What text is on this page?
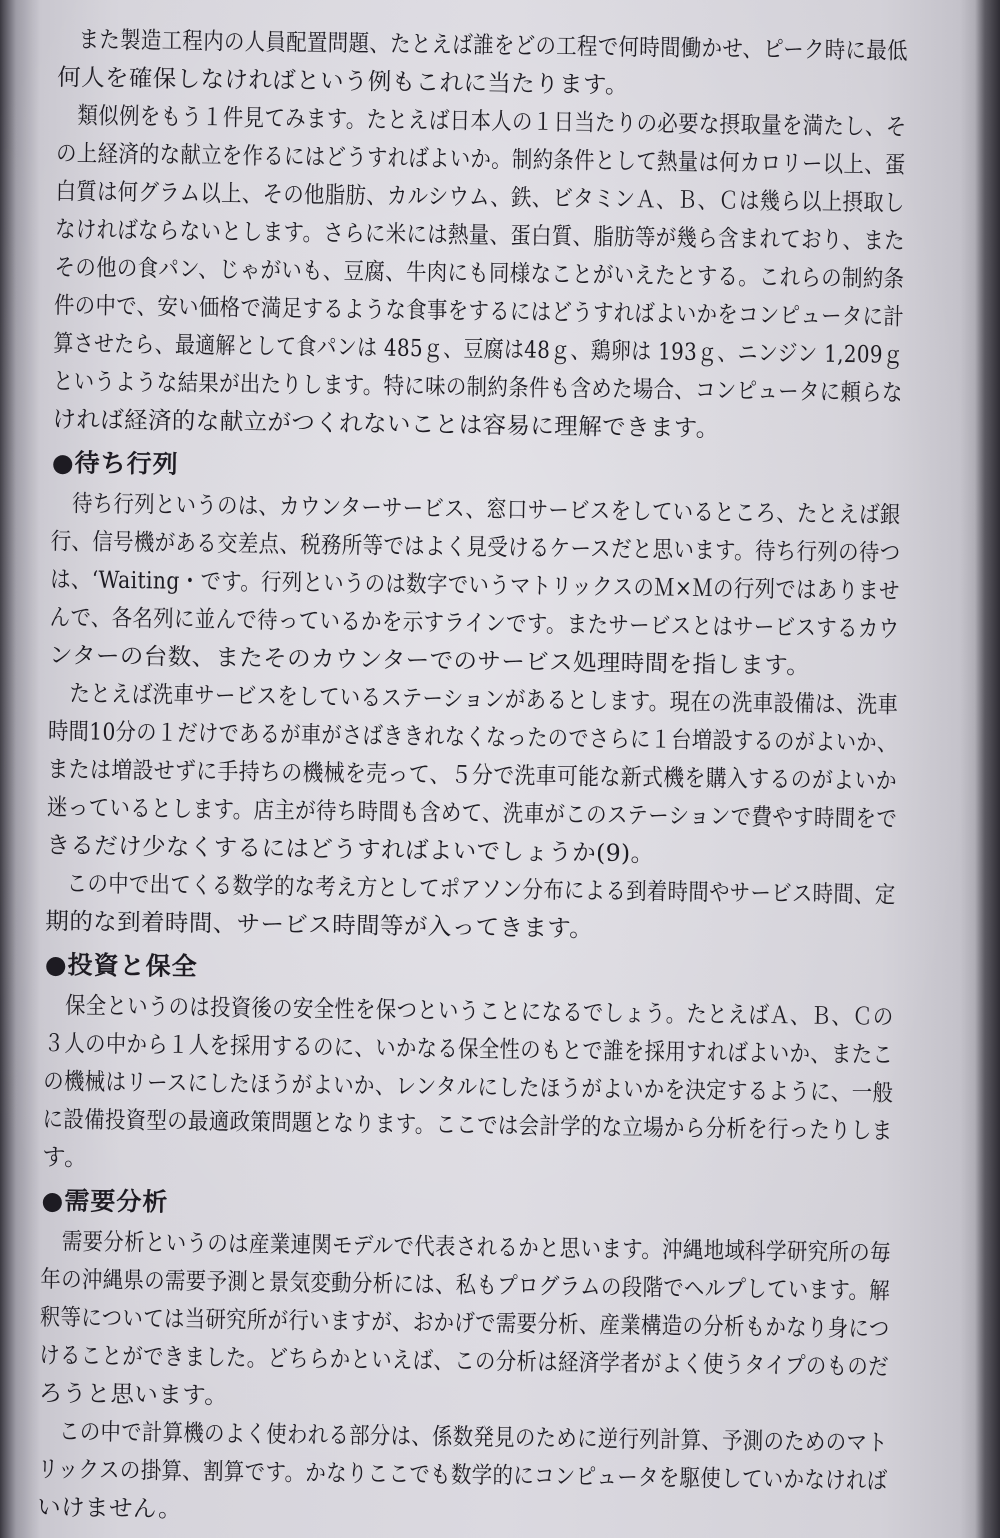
また製造工程内の人員配置問題、たとえば誰をどの工程で何時間働かせ、ピーク時に最低
何人を確保しなければという例もこれに当たります。
類似例をもう１件見てみます。たとえば日本人の１日当たりの必要な摂取量を満たし、そ
の上経済的な献立を作るにはどうすればよいか。制約条件として熱量は何カロリー以上、蛋
白質は何グラム以上、その他脂肪、カルシウム、鉄、ビタミンＡ、Ｂ、Ｃは幾ら以上摂取し
なければならないとします。さらに米には熱量、蛋白質、脂肪等が幾ら含まれており、また
その他の食パン、じゃがいも、豆腐、牛肉にも同様なことがいえたとする。これらの制約条
件の中で、安い価格で満足するような食事をするにはどうすればよいかをコンピュータに計
算させたら、最適解として食パンは 485ｇ、豆腐は48ｇ、鶏卵は 193ｇ、ニンジン 1,209ｇ
というような結果が出たりします。特に味の制約条件も含めた場合、コンピュータに頼らな
ければ経済的な献立がつくれないことは容易に理解できます。
●待ち行列
待ち行列というのは、カウンターサービス、窓口サービスをしているところ、たとえば銀
行、信号機がある交差点、税務所等ではよく見受けるケースだと思います。待ち行列の待つ
は、‘Waiting・です。行列というのは数字でいうマトリックスのＭ×Ｍの行列ではありませ
んで、各名列に並んで待っているかを示すラインです。またサービスとはサービスするカウ
ンターの台数、またそのカウンターでのサービス処理時間を指します。
たとえば洗車サービスをしているステーションがあるとします。現在の洗車設備は、洗車
時間10分の１だけであるが車がさばききれなくなったのでさらに１台増設するのがよいか、
または増設せずに手持ちの機械を売って、５分で洗車可能な新式機を購入するのがよいか
迷っているとします。店主が待ち時間も含めて、洗車がこのステーションで費やす時間をで
きるだけ少なくするにはどうすればよいでしょうか(9)。
この中で出てくる数学的な考え方としてポアソン分布による到着時間やサービス時間、定
期的な到着時間、サービス時間等が入ってきます。
●投資と保全
保全というのは投資後の安全性を保つということになるでしょう。たとえばＡ、Ｂ、Ｃの
３人の中から１人を採用するのに、いかなる保全性のもとで誰を採用すればよいか、またこ
の機械はリースにしたほうがよいか、レンタルにしたほうがよいかを決定するように、一般
に設備投資型の最適政策問題となります。ここでは会計学的な立場から分析を行ったりしま
す。
●需要分析
需要分析というのは産業連関モデルで代表されるかと思います。沖縄地域科学研究所の毎
年の沖縄県の需要予測と景気変動分析には、私もプログラムの段階でヘルプしています。解
釈等については当研究所が行いますが、おかげで需要分析、産業構造の分析もかなり身につ
けることができました。どちらかといえば、この分析は経済学者がよく使うタイプのものだ
ろうと思います。
この中で計算機のよく使われる部分は、係数発見のために逆行列計算、予測のためのマト
リックスの掛算、割算です。かなりここでも数学的にコンピュータを駆使していかなければ
いけません。
